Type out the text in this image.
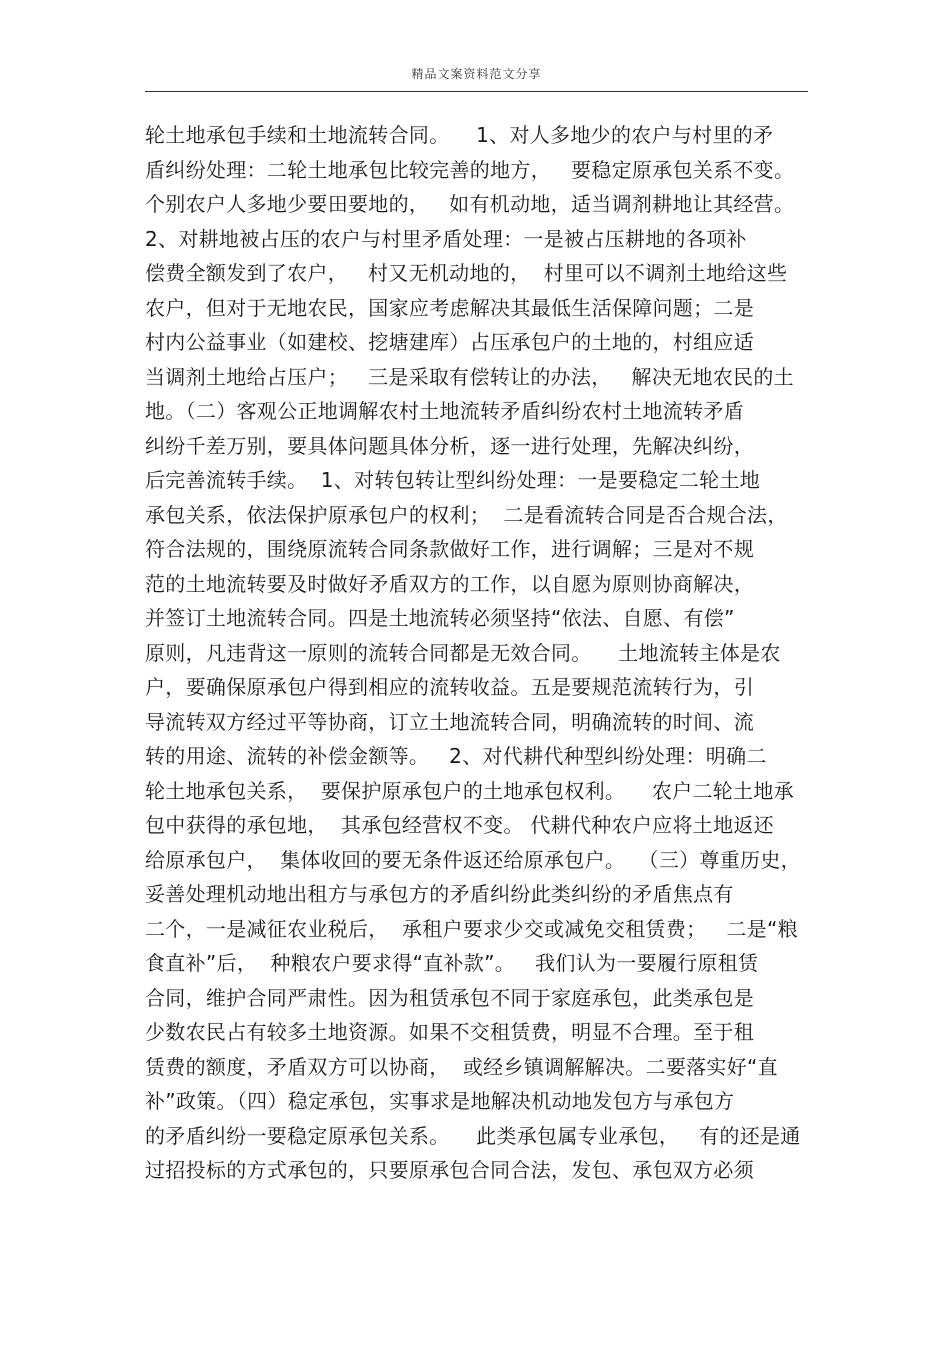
精品文案资料范文分享
轮土地承包手续和土地流转合同。    1、对人多地少的农户与村里的矛
盾纠纷处理：二轮土地承包比较完善的地方，   要稳定原承包关系不变。
个别农户人多地少要田要地的，   如有机动地，适当调剂耕地让其经营。
2、对耕地被占压的农户与村里矛盾处理：一是被占压耕地的各项补
偿费全额发到了农户，   村又无机动地的，  村里可以不调剂土地给这些
农户，但对于无地农民，国家应考虑解决其最低生活保障问题；二是
村内公益事业（如建校、挖塘建库）占压承包户的土地的，村组应适
当调剂土地给占压户；   三是采取有偿转让的办法，   解决无地农民的土
地。（二）客观公正地调解农村土地流转矛盾纠纷农村土地流转矛盾
纠纷千差万别，要具体问题具体分析，逐一进行处理，先解决纠纷，
后完善流转手续。  1、对转包转让型纠纷处理：一是要稳定二轮土地
承包关系，依法保护原承包户的权利；  二是看流转合同是否合规合法，
符合法规的，围绕原流转合同条款做好工作，进行调解；三是对不规
范的土地流转要及时做好矛盾双方的工作，以自愿为原则协商解决，
并签订土地流转合同。四是土地流转必须坚持“依法、自愿、有偿”
原则，凡违背这一原则的流转合同都是无效合同。    土地流转主体是农
户，要确保原承包户得到相应的流转收益。五是要规范流转行为，引
导流转双方经过平等协商，订立土地流转合同，明确流转的时间、流
转的用途、流转的补偿金额等。   2、对代耕代种型纠纷处理：明确二
轮土地承包关系，  要保护原承包户的土地承包权利。    农户二轮土地承
包中获得的承包地，  其承包经营权不变。 代耕代种农户应将土地返还
给原承包户，  集体收回的要无条件返还给原承包户。  （三）尊重历史，
妥善处理机动地出租方与承包方的矛盾纠纷此类纠纷的矛盾焦点有
二个，一是减征农业税后，  承租户要求少交或减免交租赁费；   二是“粮
食直补”后，  种粮农户要求得“直补款”。   我们认为一要履行原租赁
合同，维护合同严肃性。因为租赁承包不同于家庭承包，此类承包是
少数农民占有较多土地资源。如果不交租赁费，明显不合理。至于租
赁费的额度，矛盾双方可以协商，  或经乡镇调解解决。二要落实好“直
补”政策。（四）稳定承包，实事求是地解决机动地发包方与承包方
的矛盾纠纷一要稳定原承包关系。    此类承包属专业承包，   有的还是通
过招投标的方式承包的，只要原承包合同合法，发包、承包双方必须
